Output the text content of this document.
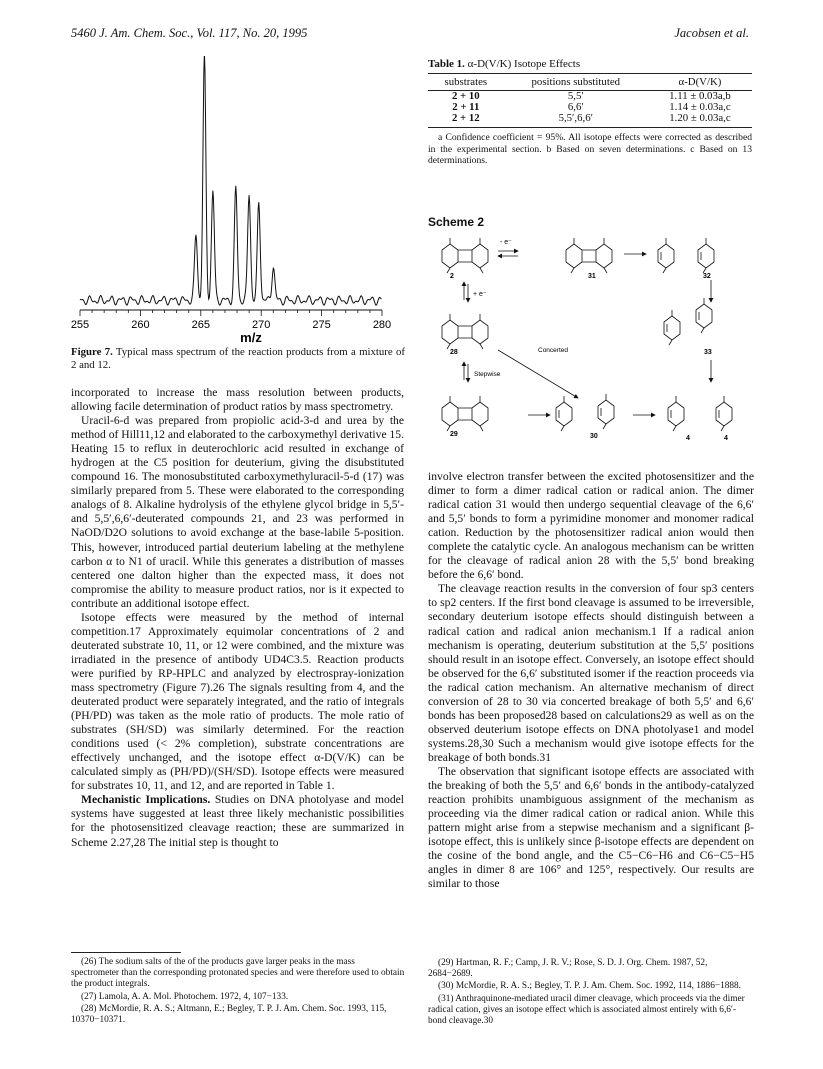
5460 J. Am. Chem. Soc., Vol. 117, No. 20, 1995	Jacobsen et al.
255	260	265	270	275	280
m/z
Figure 7. Typical mass spectrum of the reaction products from a mixture of 2 and 12.

incorporated to increase the mass resolution between products, allowing facile determination of product ratios by mass spectrometry.

Uracil-6-d was prepared from propiolic acid-3-d and urea by the method of Hill11,12 and elaborated to the carboxymethyl derivative 15. Heating 15 to reflux in deuterochloric acid resulted in exchange of hydrogen at the C5 position for deuterium, giving the disubstituted compound 16. The monosubstituted carboxymethyluracil-5-d (17) was similarly prepared from 5. These were elaborated to the corresponding analogs of 8. Alkaline hydrolysis of the ethylene glycol bridge in 5,5′- and 5,5′,6,6′-deuterated compounds 21, and 23 was performed in NaOD/D2O solutions to avoid exchange at the base-labile 5-position. This, however, introduced partial deuterium labeling at the methylene carbon α to N1 of uracil. While this generates a distribution of masses centered one dalton higher than the expected mass, it does not compromise the ability to measure product ratios, nor is it expected to contribute an additional isotope effect.

Isotope effects were measured by the method of internal competition.17 Approximately equimolar concentrations of 2 and deuterated substrate 10, 11, or 12 were combined, and the mixture was irradiated in the presence of antibody UD4C3.5. Reaction products were purified by RP-HPLC and analyzed by electrospray-ionization mass spectrometry (Figure 7).26 The signals resulting from 4, and the deuterated product were separately integrated, and the ratio of integrals (PH/PD) was taken as the mole ratio of products. The mole ratio of substrates (SH/SD) was similarly determined. For the reaction conditions used (< 2% completion), substrate concentrations are effectively unchanged, and the isotope effect α-D(V/K) can be calculated simply as (PH/PD)/(SH/SD). Isotope effects were measured for substrates 10, 11, and 12, and are reported in Table 1.

Mechanistic Implications. Studies on DNA photolyase and model systems have suggested at least three likely mechanistic possibilities for the photosensitized cleavage reaction; these are summarized in Scheme 2.27,28 The initial step is thought to

(26) The sodium salts of the of the products gave larger peaks in the mass spectrometer than the corresponding protonated species and were therefore used to obtain the product integrals.

(27) Lamola, A. A. Mol. Photochem. 1972, 4, 107−133.

(28) McMordie, R. A. S.; Altmann, E.; Begley, T. P. J. Am. Chem. Soc. 1993, 115, 10370−10371.

Table 1. α-D(V/K) Isotope Effects
substrates	positions substituted	α-D(V/K)
2 + 10	5,5′	1.11 ± 0.03a,b
2 + 11	6,6′	1.14 ± 0.03a,c
2 + 12	5,5′,6,6′	1.20 ± 0.03a,c
a Confidence coefficient = 95%. All isotope effects were corrected as described in the experimental section. b Based on seven determinations. c Based on 13 determinations.
Scheme 2
2
- e⁻
31	32
+ e⁻
28	33
Concerted
Stepwise
29	30	4	4

involve electron transfer between the excited photosensitizer and the dimer to form a dimer radical cation or radical anion. The dimer radical cation 31 would then undergo sequential cleavage of the 6,6′ and 5,5′ bonds to form a pyrimidine monomer and monomer radical cation. Reduction by the photosensitizer radical anion would then complete the catalytic cycle. An analogous mechanism can be written for the cleavage of radical anion 28 with the 5,5′ bond breaking before the 6,6′ bond.

The cleavage reaction results in the conversion of four sp3 centers to sp2 centers. If the first bond cleavage is assumed to be irreversible, secondary deuterium isotope effects should distinguish between a radical cation and radical anion mechanism.1 If a radical anion mechanism is operating, deuterium substitution at the 5,5′ positions should result in an isotope effect. Conversely, an isotope effect should be observed for the 6,6′ substituted isomer if the reaction proceeds via the radical cation mechanism. An alternative mechanism of direct conversion of 28 to 30 via concerted breakage of both 5,5′ and 6,6′ bonds has been proposed28 based on calculations29 as well as on the observed deuterium isotope effects on DNA photolyase1 and model systems.28,30 Such a mechanism would give isotope effects for the breakage of both bonds.31

The observation that significant isotope effects are associated with the breaking of both the 5,5′ and 6,6′ bonds in the antibody-catalyzed reaction prohibits unambiguous assignment of the mechanism as proceeding via the dimer radical cation or radical anion. While this pattern might arise from a stepwise mechanism and a significant β-isotope effect, this is unlikely since β-isotope effects are dependent on the cosine of the bond angle, and the C5−C6−H6 and C6−C5−H5 angles in dimer 8 are 106° and 125°, respectively. Our results are similar to those

(29) Hartman, R. F.; Camp, J. R. V.; Rose, S. D. J. Org. Chem. 1987, 52, 2684−2689.

(30) McMordie, R. A. S.; Begley, T. P. J. Am. Chem. Soc. 1992, 114, 1886−1888.

(31) Anthraquinone-mediated uracil dimer cleavage, which proceeds via the dimer radical cation, gives an isotope effect which is associated almost entirely with 6,6′-bond cleavage.30
